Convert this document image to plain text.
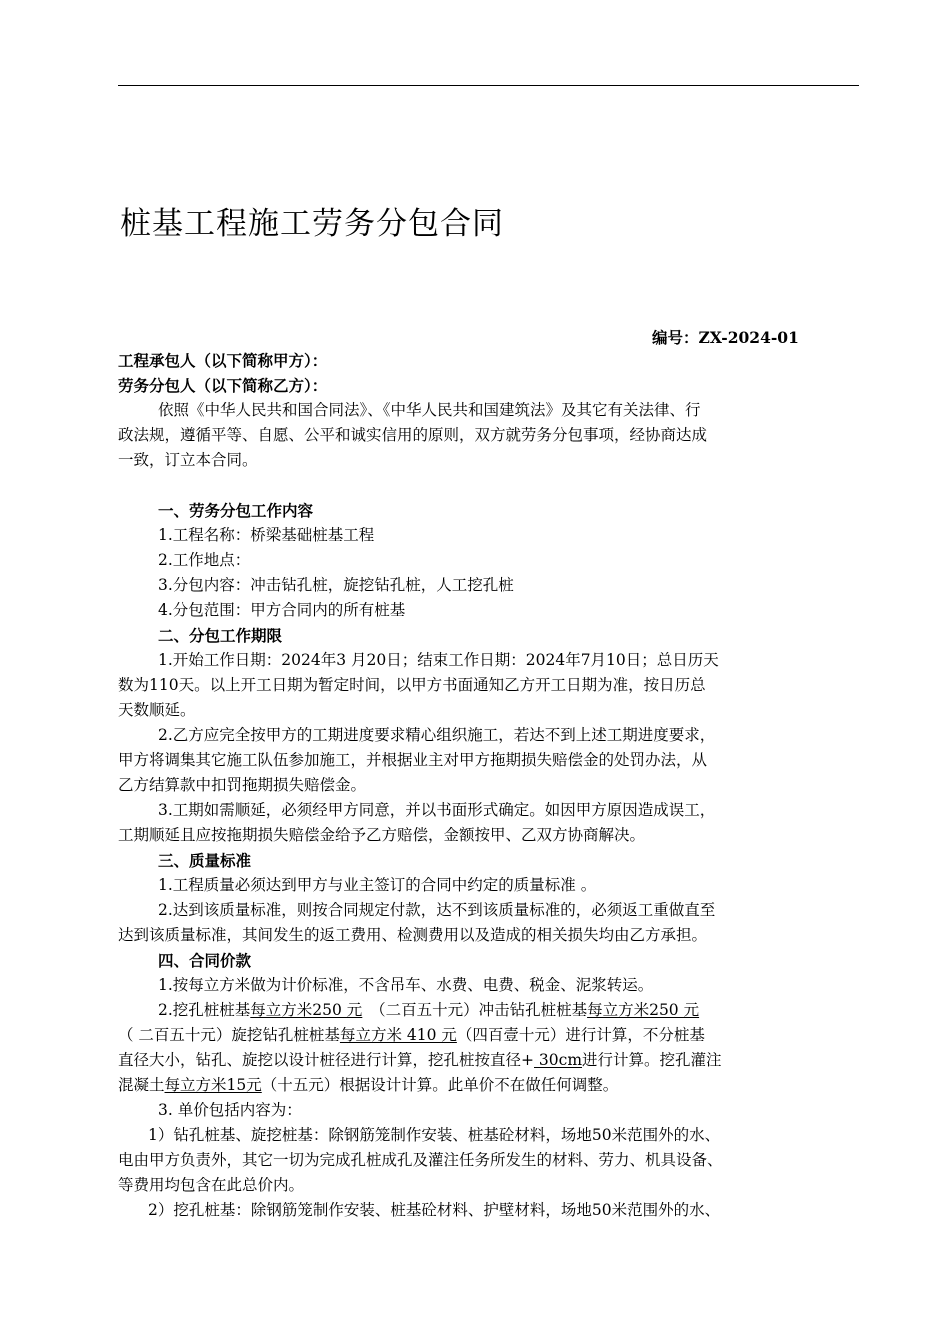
桩基工程施工劳务分包合同
编号：ZX-2024-01

工程承包人（以下简称甲方）：

劳务分包人（以下简称乙方）：

依照《中华人民共和国合同法》、《中华人民共和国建筑法》及其它有关法律、行

政法规，遵循平等、自愿、公平和诚实信用的原则，双方就劳务分包事项，经协商达成

一致，订立本合同。

一、劳务分包工作内容

1.工程名称：桥梁基础桩基工程

2.工作地点：

3.分包内容：冲击钻孔桩，旋挖钻孔桩，人工挖孔桩

4.分包范围：甲方合同内的所有桩基

二、分包工作期限

1.开始工作日期：2024年3 月20日；结束工作日期：2024年7月10日；总日历天

数为110天。以上开工日期为暂定时间，以甲方书面通知乙方开工日期为准，按日历总

天数顺延。

2.乙方应完全按甲方的工期进度要求精心组织施工，若达不到上述工期进度要求，

甲方将调集其它施工队伍参加施工，并根据业主对甲方拖期损失赔偿金的处罚办法，从

乙方结算款中扣罚拖期损失赔偿金。

3.工期如需顺延，必须经甲方同意，并以书面形式确定。如因甲方原因造成误工，

工期顺延且应按拖期损失赔偿金给予乙方赔偿，金额按甲、乙双方协商解决。

三、质量标准

1.工程质量必须达到甲方与业主签订的合同中约定的质量标准 。

2.达到该质量标准，则按合同规定付款，达不到该质量标准的，必须返工重做直至

达到该质量标准，其间发生的返工费用、检测费用以及造成的相关损失均由乙方承担。

四、合同价款

1.按每立方米做为计价标准，不含吊车、水费、电费、税金、泥浆转运。

2.挖孔桩桩基每立方米250 元　（二百五十元）冲击钻孔桩桩基每立方米250 元

（ 二百五十元）旋挖钻孔桩桩基每立方米 410 元（四百壹十元）进行计算，不分桩基

直径大小，钻孔、旋挖以设计桩径进行计算，挖孔桩按直径+ 30cm进行计算。挖孔灌注

混凝土每立方米15元（十五元）根据设计计算。此单价不在做任何调整。

3. 单价包括内容为：

1）钻孔桩基、旋挖桩基：除钢筋笼制作安装、桩基砼材料，场地50米范围外的水、

电由甲方负责外，其它一切为完成孔桩成孔及灌注任务所发生的材料、劳力、机具设备、

等费用均包含在此总价内。

2）挖孔桩基：除钢筋笼制作安装、桩基砼材料、护壁材料，场地50米范围外的水、
